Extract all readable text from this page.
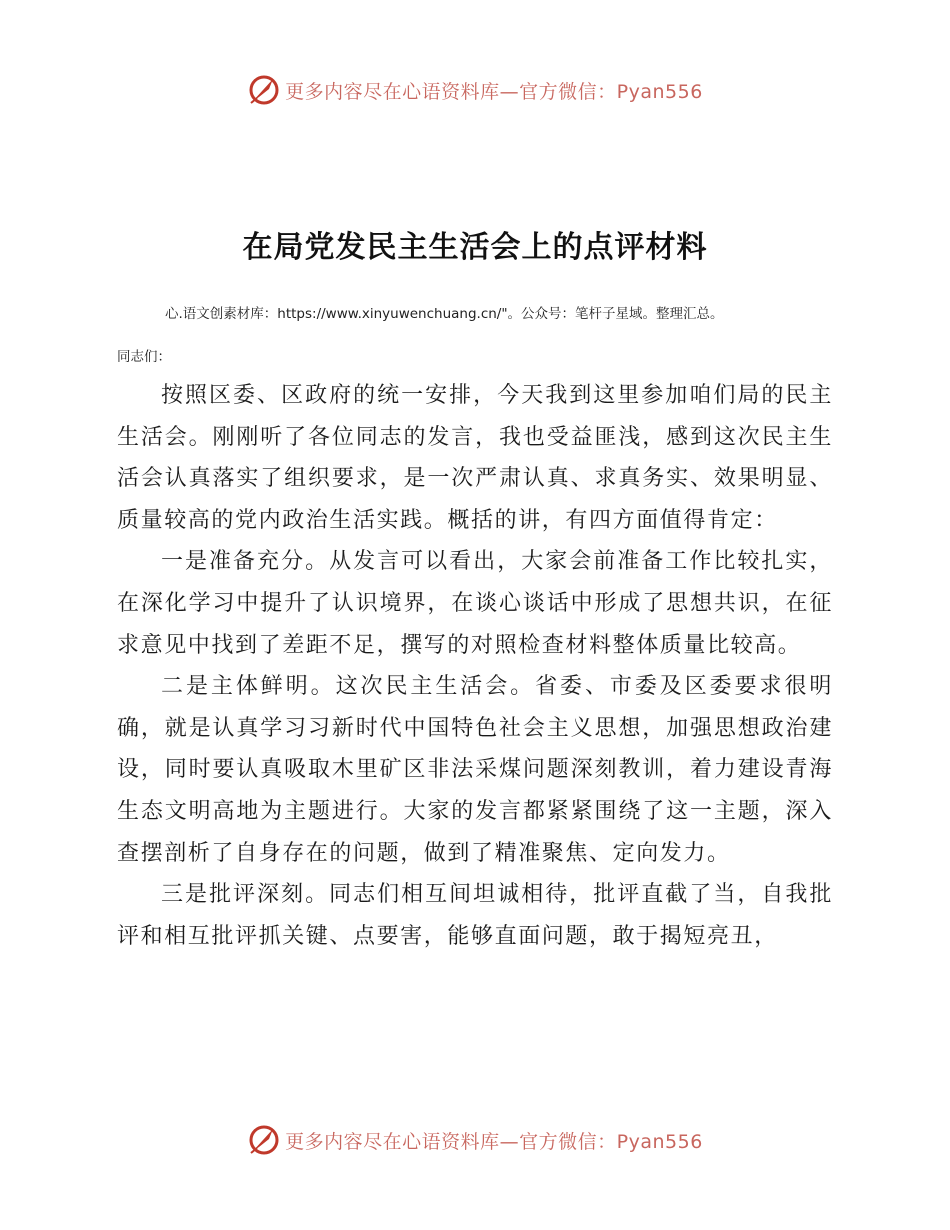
更多内容尽在心语资料库—官方微信：Pyan556
在局党发民主生活会上的点评材料
心.语文创素材库：https://www.xinyuwenchuang.cn/"。公众号：笔杆子星域。整理汇总。
同志们：

按照区委、区政府的统一安排，今天我到这里参加咱们局的民主生活会。刚刚听了各位同志的发言，我也受益匪浅，感到这次民主生活会认真落实了组织要求，是一次严肃认真、求真务实、效果明显、质量较高的党内政治生活实践。概括的讲，有四方面值得肯定：

一是准备充分。从发言可以看出，大家会前准备工作比较扎实，在深化学习中提升了认识境界，在谈心谈话中形成了思想共识，在征求意见中找到了差距不足，撰写的对照检查材料整体质量比较高。

二是主体鲜明。这次民主生活会。省委、市委及区委要求很明确，就是认真学习习新时代中国特色社会主义思想，加强思想政治建设，同时要认真吸取木里矿区非法采煤问题深刻教训，着力建设青海生态文明高地为主题进行。大家的发言都紧紧围绕了这一主题，深入查摆剖析了自身存在的问题，做到了精准聚焦、定向发力。

三是批评深刻。同志们相互间坦诚相待，批评直截了当，自我批评和相互批评抓关键、点要害，能够直面问题，敢于揭短亮丑，

更多内容尽在心语资料库—官方微信：Pyan556
